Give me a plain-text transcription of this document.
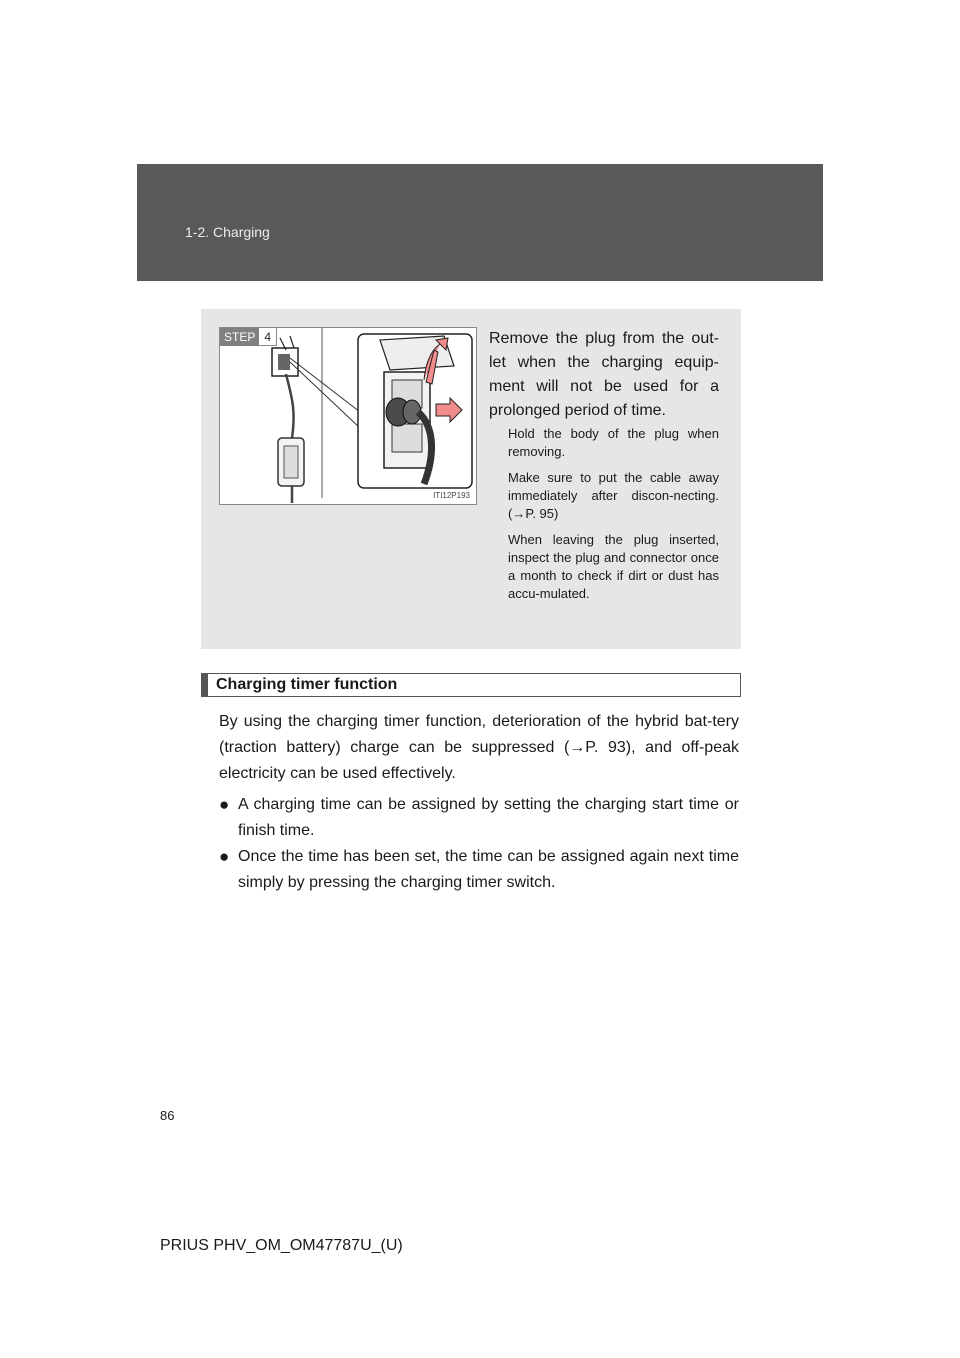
1-2. Charging
STEP 4
ITI12P193
Remove the plug from the out-let when the charging equip-ment will not be used for a prolonged period of time.
Hold the body of the plug when removing.
Make sure to put the cable away immediately after discon-necting. (→P. 95)
When leaving the plug inserted, inspect the plug and connector once a month to check if dirt or dust has accu-mulated.
Charging timer function
By using the charging timer function, deterioration of the hybrid bat-tery (traction battery) charge can be suppressed (→P. 93), and off-peak electricity can be used effectively.
● A charging time can be assigned by setting the charging start time or finish time.
● Once the time has been set, the time can be assigned again next time simply by pressing the charging timer switch.
86
PRIUS PHV_OM_OM47787U_(U)
